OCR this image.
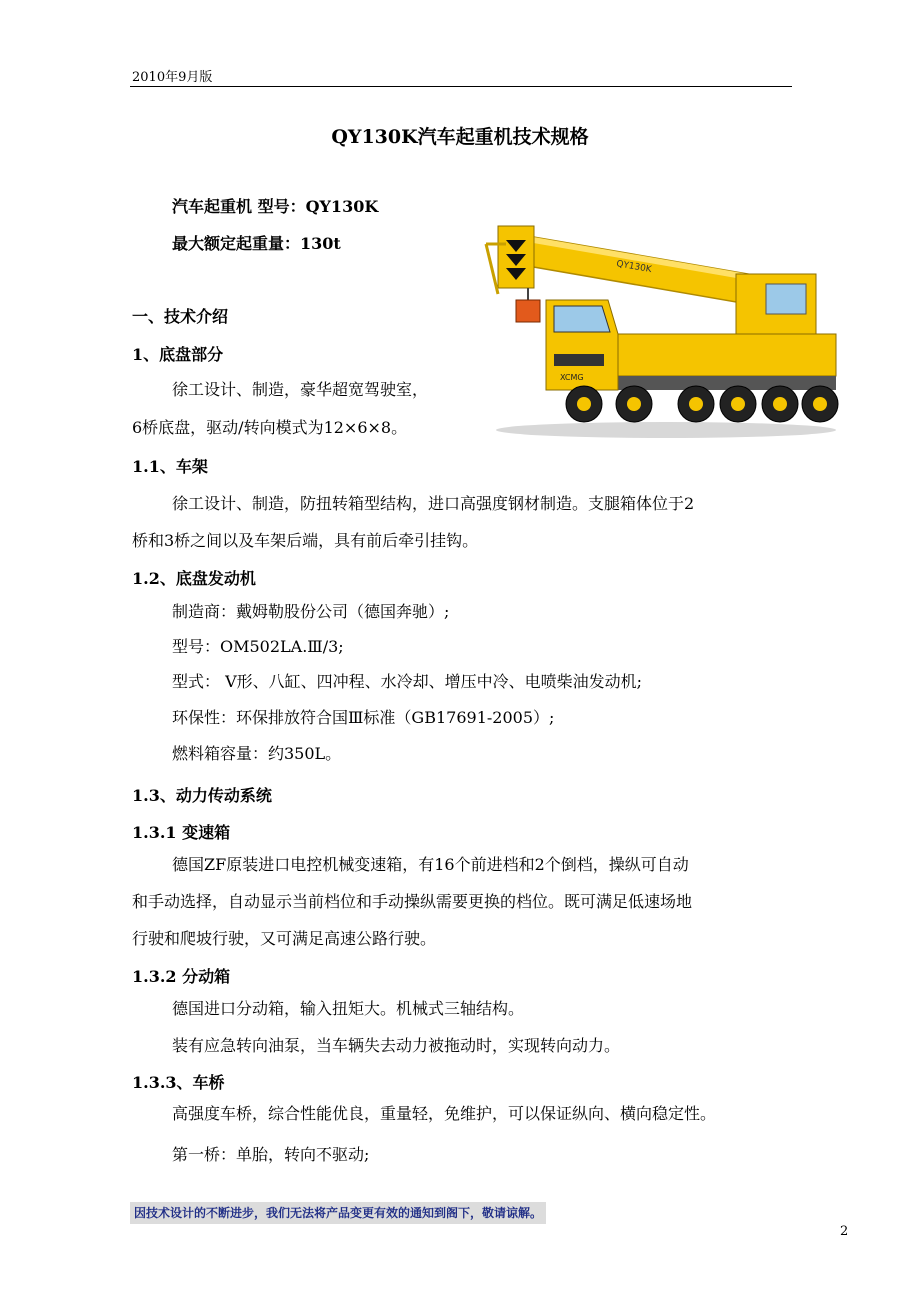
2010年9月版
QY130K汽车起重机技术规格
汽车起重机 型号：QY130K
最大额定起重量：130t
QY130K
XCMG
一、技术介绍
1、底盘部分
徐工设计、制造，豪华超宽驾驶室，
6桥底盘，驱动/转向模式为12×6×8。
1.1、车架
徐工设计、制造，防扭转箱型结构，进口高强度钢材制造。支腿箱体位于2
桥和3桥之间以及车架后端，具有前后牵引挂钩。
1.2、底盘发动机
制造商：戴姆勒股份公司（德国奔驰）;
型号：OM502LA.Ⅲ/3;
型式： V形、八缸、四冲程、水冷却、增压中冷、电喷柴油发动机;
环保性：环保排放符合国Ⅲ标准（GB17691-2005）;
燃料箱容量：约350L。
1.3、动力传动系统
1.3.1 变速箱
德国ZF原装进口电控机械变速箱，有16个前进档和2个倒档，操纵可自动
和手动选择，自动显示当前档位和手动操纵需要更换的档位。既可满足低速场地
行驶和爬坡行驶，又可满足高速公路行驶。
1.3.2 分动箱
德国进口分动箱，输入扭矩大。机械式三轴结构。
装有应急转向油泵，当车辆失去动力被拖动时，实现转向动力。
1.3.3、车桥
高强度车桥，综合性能优良，重量轻，免维护，可以保证纵向、横向稳定性。
第一桥：单胎，转向不驱动;
因技术设计的不断进步，我们无法将产品变更有效的通知到阁下，敬请谅解。
2
